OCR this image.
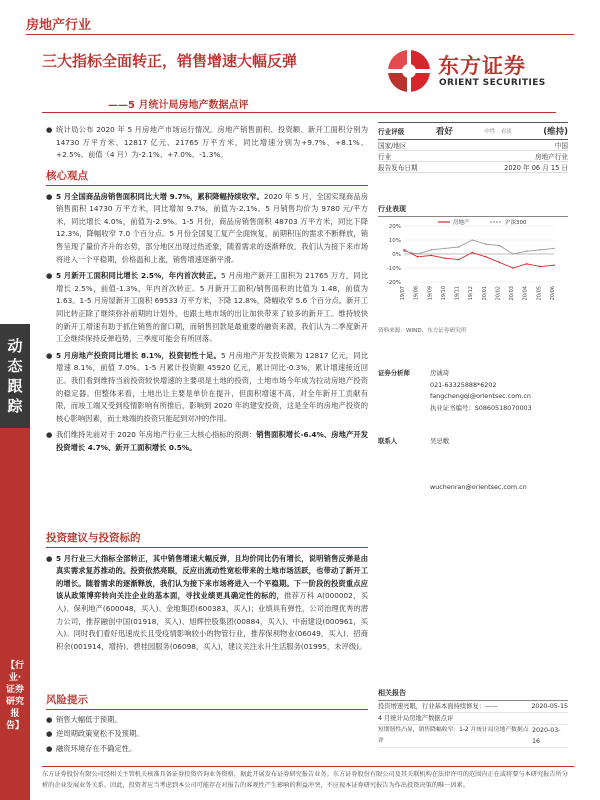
房地产行业
三大指标全面转正，销售增速大幅反弹
——5 月统计局房地产数据点评
东方证券
ORIENT SECURITIES
动态跟踪
【行业·证券研究报告】
● 统计局公布 2020 年 5 月房地产市场运行情况。房地产销售面积、投资额、新开工面积分别为 14730 万平方米、12817 亿元、21765 万平方米，同比增速分别为+9.7%、+8.1%、+2.5%。前值（4 月）为-2.1%、+7.0%、-1.3%。
核心观点
● 5 月全国商品房销售面积同比大增 9.7%，累积降幅持续收窄。2020 年 5 月，全国实现商品房销售面积 14730 万平方米，同比增加 9.7%，前值为-2.1%。5 月销售均价为 9780 元/平方米，同比增长 4.0%，前值为-2.9%。1-5 月份，商品房销售面积 48703 万平方米，同比下降 12.3%，降幅收窄 7.0 个百分点。5 月份全国复工复产全面恢复，前期积压的需求不断释放，销售呈现了量价齐升的态势，部分地区出现过热迹象，随着需求的逐渐释放，我们认为接下来市场将进入一个平稳期，价格温和上涨，销售增速逐渐平滑。
● 5 月新开工面积同比增长 2.5%，年内首次转正。5 月房地产新开工面积为 21765 万方，同比增长 2.5%，前值-1.3%，年内首次转正。5 月新开工面积/销售面积的比值为 1.48，前值为 1.63。1-5 月房屋新开工面积 69533 万平方米，下降 12.8%，降幅收窄 5.6 个百分点。新开工同比转正除了继续弥补前期的计划外，也跟土地市场的出让加快带来了较多的新开工。维持较快的新开工增速有助于抓住销售的窗口期，而销售回款是最重要的融资来源，我们认为二季度新开工会继续保持反弹趋势，三季度可能会有所回落。
● 5 月房地产投资同比增长 8.1%，投资韧性十足。5 月房地产开发投资额为 12817 亿元，同比增速 8.1%，前值 7.0%。1-5 月累计投资额 45920 亿元，累计同比-0.3%，累计增速接近回正。我们看到维持当前投资较快增速的主要项是土地的投资，土地市场今年成为拉动房地产投资的稳定器。但整体来看，土地出让主要是单价在提升，但面积增速不高，对全年新开工贡献有限，而竣工端又受到疫情影响有所推后，影响到 2020 年的建安投资，这是全年的房地产投资的核心影响因素，而土地端的投资只能起到对冲的作用。
● 我们维持先前对于 2020 年房地产行业三大核心指标的预测：销售面积增长-6.4%、房地产开发投资增长 4.7%、新开工面积增长 0.5%。
投资建议与投资标的
● 5 月行业三大指标全部转正，其中销售增速大幅反弹，且均价同比仍有增长，说明销售反弹是由真实需求复苏推动的。投资依然亮眼，反应出流动性宽松带来的土地市场活跃，也带动了新开工的增长。随着需求的逐渐释放，我们认为接下来市场将进入一个平稳期。下一阶段的投资重点应该从政策博弈转向关注企业的基本面，寻找业绩更具确定性的标的，推荐万科 A(000002，买入)、保利地产(600048，买入)、金地集团(600383，买入)；业绩具有弹性、公司治理优秀的潜力公司，推荐融创中国(01918，买入)、旭辉控股集团(00884，买入)、中南建设(000961，买入)。同时我们看好迅速成长且受疫情影响较小的物管行业，推荐保利物业(06049，买入)、招商积余(001914，增持)、碧桂园服务(06098，买入)，建议关注永升生活服务(01995，未评级)。
风险提示
● 销售大幅低于预期。
● 逆周期政策宽松不及预期。
● 融资环境存在不确定性。
行业评级	看好	中性　看淡	(维持)
国家/地区	中国
行业	房地产行业
报告发布日期	2020 年 06 月 15 日
行业表现
20%
10%
0%
-10%
-20%
19/07 19/08 19/09 19/10 19/11 19/12 20/01 20/02 20/03 20/04 20/05 20/06
房地产	沪深300
资料来源：WIND、东方证券研究所
证券分析师	房诚琦
021-63325888*6202
fangchengqi@orientsec.com.cn
执业证书编号：S0860518070003
联系人	吴忌敷
wuchenran@orientsec.com.cn
相关报告
投资增速亮眼，行业基本面持续修复：——	2020-05-15
4 月统计局房地产数据点评
短期韧性凸显，销售降幅收窄：1-2 月统计局房地产数据点评
2020-03-16
东方证券股份有限公司经相关主管机关核准具备证券投资咨询业务资格，据此开展发布证券研究报告业务。东方证券股份有限公司及其关联机构在法律许可的范围内正在或将要与本研究报告所分析的企业发展业务关系。因此，投资者应当考虑到本公司可能存在对报告的客观性产生影响的利益冲突，不应视本证券研究报告为作出投资决策的唯一因素。
